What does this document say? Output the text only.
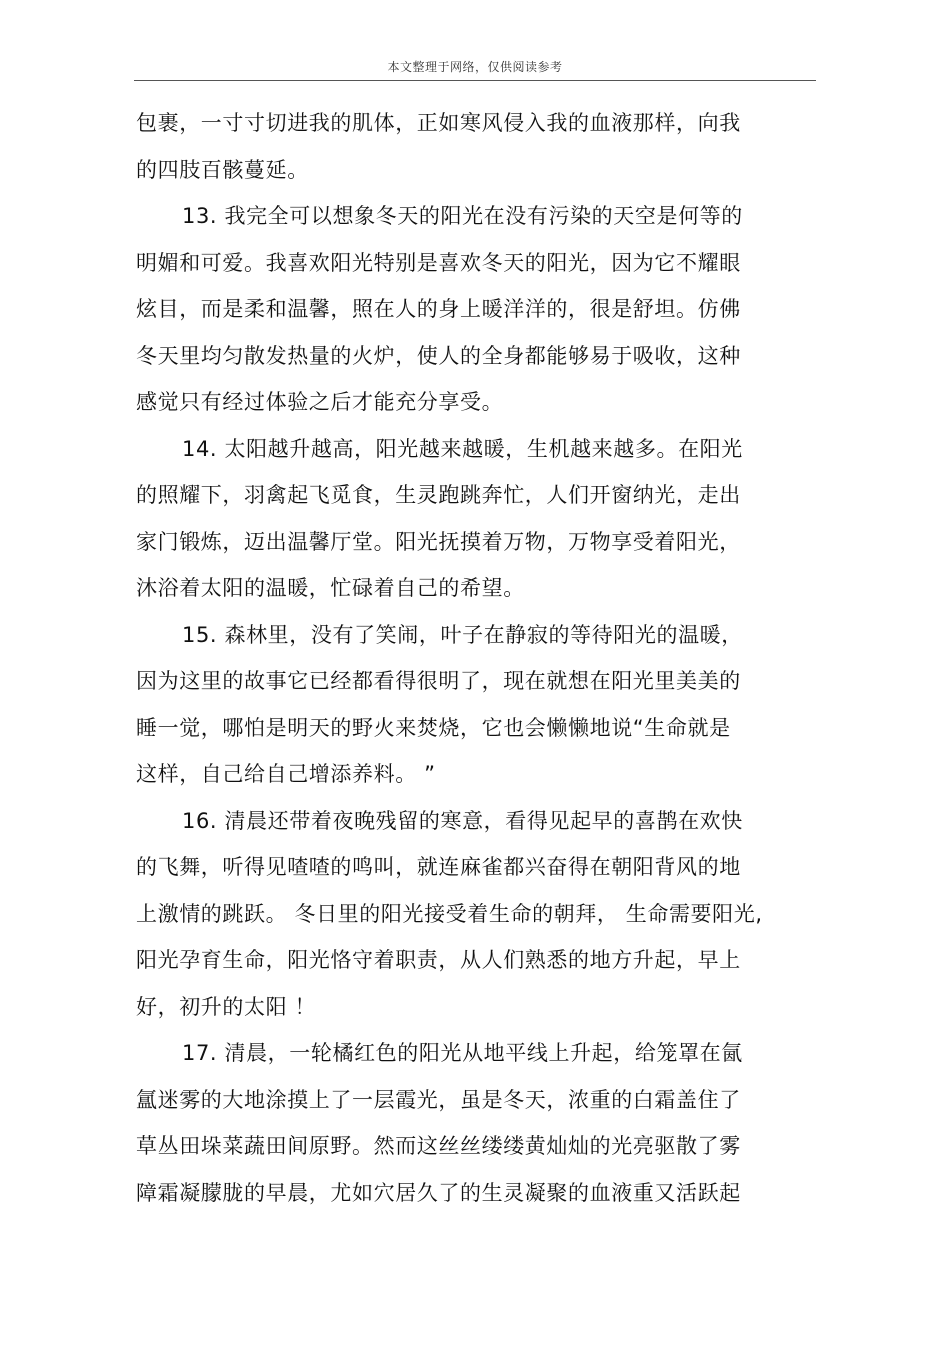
本文整理于网络，仅供阅读参考
包裹，一寸寸切进我的肌体，正如寒风侵入我的血液那样，向我
的四肢百骸蔓延。
13. 我完全可以想象冬天的阳光在没有污染的天空是何等的
明媚和可爱。我喜欢阳光特别是喜欢冬天的阳光，因为它不耀眼
炫目，而是柔和温馨，照在人的身上暖洋洋的，很是舒坦。仿佛
冬天里均匀散发热量的火炉，使人的全身都能够易于吸收，这种
感觉只有经过体验之后才能充分享受。
14. 太阳越升越高，阳光越来越暖，生机越来越多。在阳光
的照耀下，羽禽起飞觅食，生灵跑跳奔忙，人们开窗纳光，走出
家门锻炼，迈出温馨厅堂。阳光抚摸着万物，万物享受着阳光，
沐浴着太阳的温暖，忙碌着自己的希望。
15. 森林里，没有了笑闹，叶子在静寂的等待阳光的温暖，
因为这里的故事它已经都看得很明了，现在就想在阳光里美美的
睡一觉，哪怕是明天的野火来焚烧，它也会懒懒地说“生命就是
这样，自己给自己增添养料。 ”
16. 清晨还带着夜晚残留的寒意，看得见起早的喜鹊在欢快
的飞舞，听得见喳喳的鸣叫，就连麻雀都兴奋得在朝阳背风的地
上激情的跳跃。 冬日里的阳光接受着生命的朝拜， 生命需要阳光,
阳光孕育生命，阳光恪守着职责，从人们熟悉的地方升起，早上
好，初升的太阳 ！
17. 清晨，一轮橘红色的阳光从地平线上升起，给笼罩在氤
氲迷雾的大地涂摸上了一层霞光，虽是冬天，浓重的白霜盖住了
草丛田垛菜蔬田间原野。然而这丝丝缕缕黄灿灿的光亮驱散了雾
障霜凝朦胧的早晨，尤如穴居久了的生灵凝聚的血液重又活跃起
